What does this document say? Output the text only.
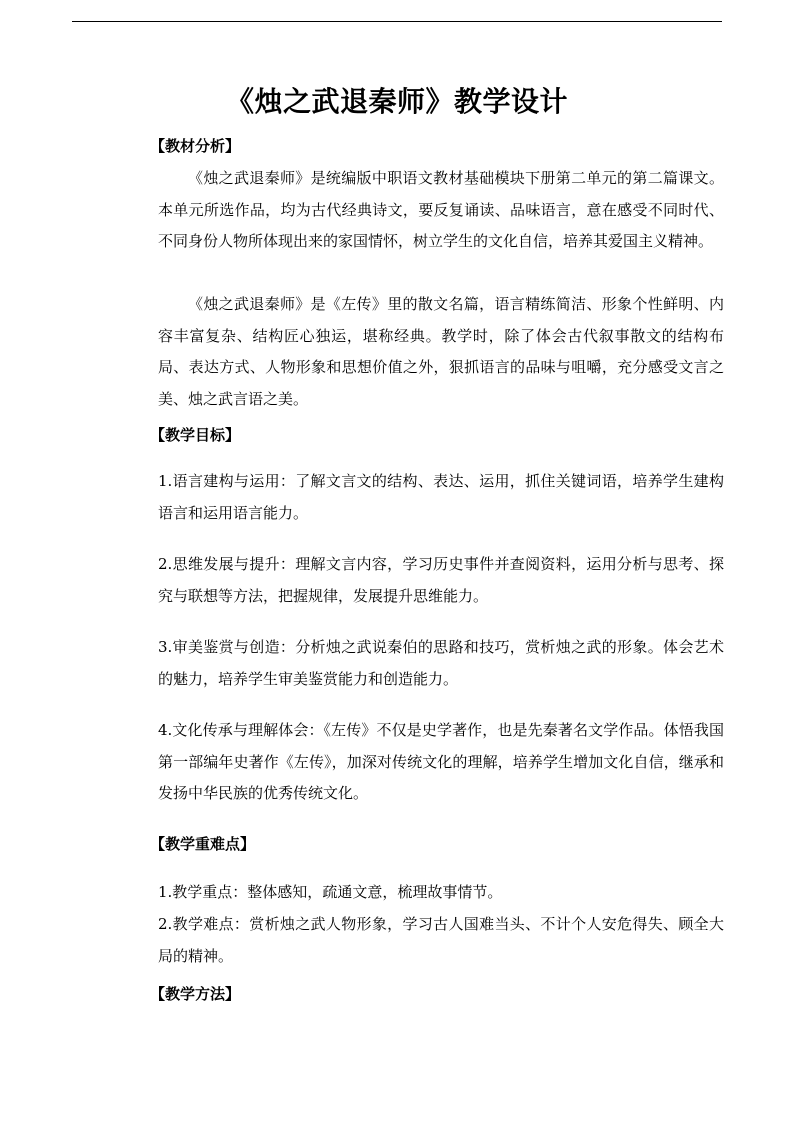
《烛之武退秦师》教学设计
【教材分析】

《烛之武退秦师》是统编版中职语文教材基础模块下册第二单元的第二篇课文。本单元所选作品，均为古代经典诗文，要反复诵读、品味语言，意在感受不同时代、不同身份人物所体现出来的家国情怀，树立学生的文化自信，培养其爱国主义精神。

《烛之武退秦师》是《左传》里的散文名篇，语言精练简洁、形象个性鲜明、内容丰富复杂、结构匠心独运，堪称经典。教学时，除了体会古代叙事散文的结构布局、表达方式、人物形象和思想价值之外，狠抓语言的品味与咀嚼，充分感受文言之美、烛之武言语之美。

【教学目标】

1.语言建构与运用：了解文言文的结构、表达、运用，抓住关键词语，培养学生建构语言和运用语言能力。

2.思维发展与提升：理解文言内容，学习历史事件并查阅资料，运用分析与思考、探究与联想等方法，把握规律，发展提升思维能力。

3.审美鉴赏与创造：分析烛之武说秦伯的思路和技巧，赏析烛之武的形象。体会艺术的魅力，培养学生审美鉴赏能力和创造能力。

4.文化传承与理解体会：《左传》不仅是史学著作，也是先秦著名文学作品。体悟我国第一部编年史著作《左传》，加深对传统文化的理解，培养学生增加文化自信，继承和发扬中华民族的优秀传统文化。

【教学重难点】

1.教学重点：整体感知，疏通文意，梳理故事情节。

2.教学难点：赏析烛之武人物形象，学习古人国难当头、不计个人安危得失、顾全大局的精神。

【教学方法】
